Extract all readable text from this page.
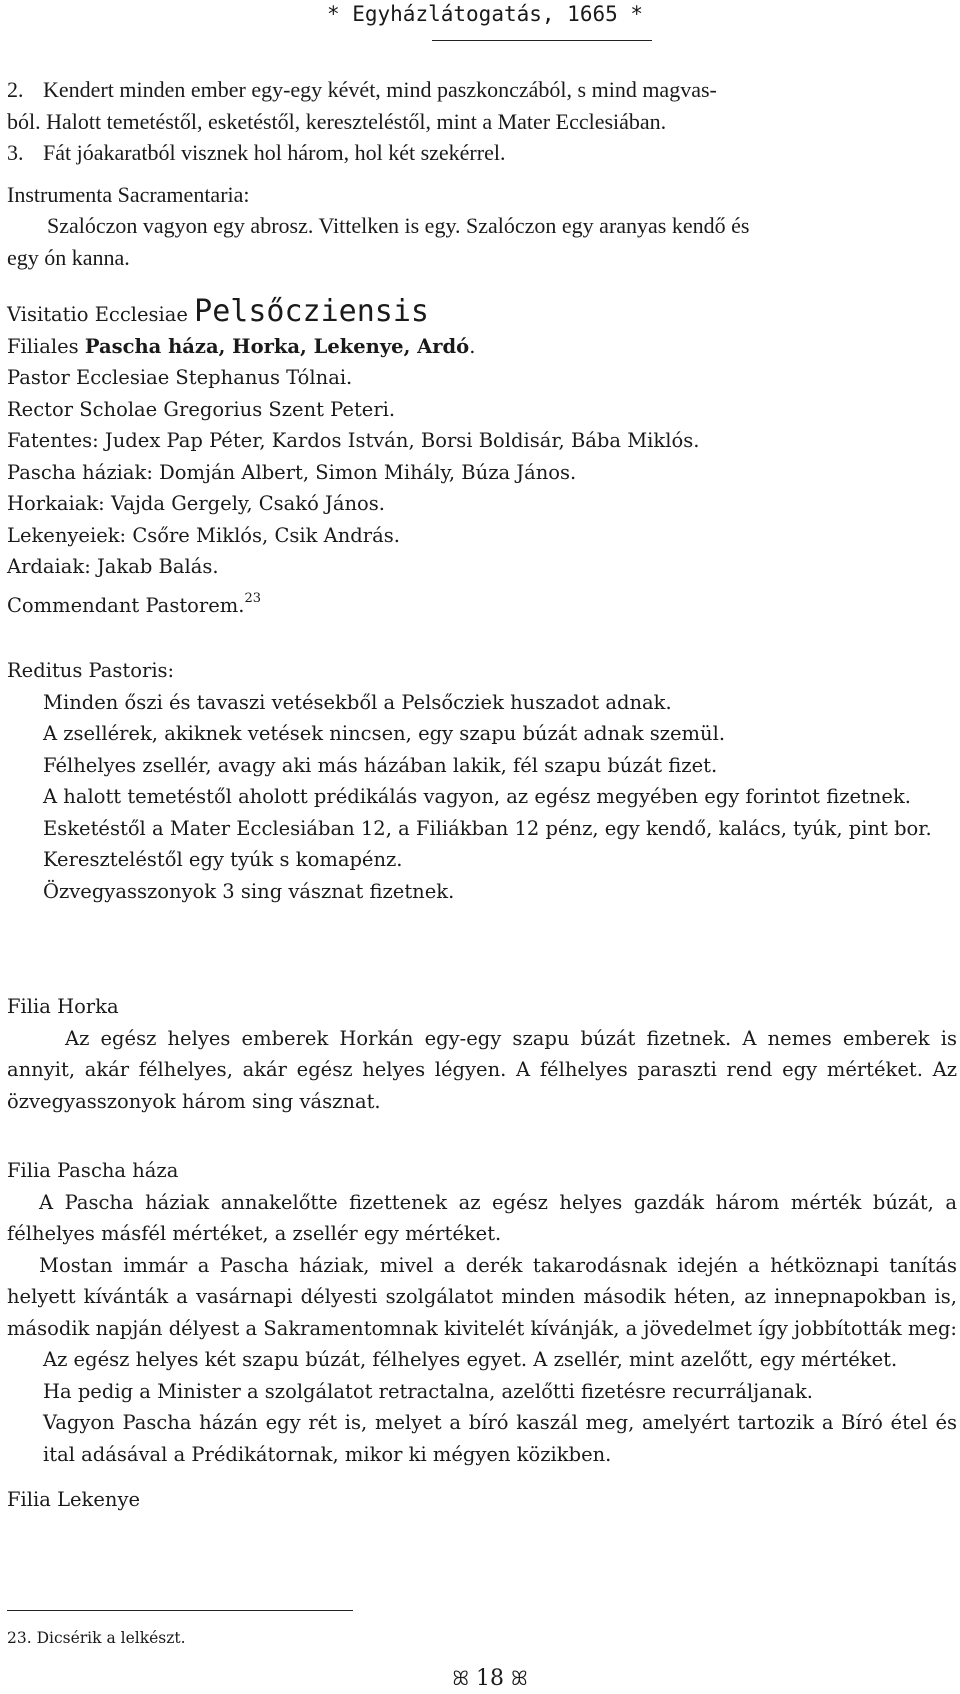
* Egyházlátogatás, 1665 *
2. Kendert minden ember egy-egy kévét, mind paszkonczából, s mind magvas-
ból. Halott temetéstől, esketéstől, kereszteléstől, mint a Mater Ecclesiában.
3. Fát jóakaratból visznek hol három, hol két szekérrel.
Instrumenta Sacramentaria:
Szalóczon vagyon egy abrosz. Vittelken is egy. Szalóczon egy aranyas kendő és
egy ón kanna.
Visitatio Ecclesiae Pelsőcziensis
Filiales Pascha háza, Horka, Lekenye, Ardó.
Pastor Ecclesiae Stephanus Tólnai.
Rector Scholae Gregorius Szent Peteri.
Fatentes: Judex Pap Péter, Kardos István, Borsi Boldisár, Bába Miklós.
Pascha háziak: Domján Albert, Simon Mihály, Búza János.
Horkaiak: Vajda Gergely, Csakó János.
Lekenyeiek: Csőre Miklós, Csik András.
Ardaiak: Jakab Balás.
Commendant Pastorem.$^{23}$
Reditus Pastoris:
Minden őszi és tavaszi vetésekből a Pelsőcziek huszadot adnak.
A zsellérek, akiknek vetések nincsen, egy szapu búzát adnak szemül.
Félhelyes zsellér, avagy aki más házában lakik, fél szapu búzát fizet.
A halott temetéstől aholott prédikálás vagyon, az egész megyében egy forintot fizetnek.
Esketéstől a Mater Ecclesiában 12, a Filiákban 12 pénz, egy kendő, kalács, tyúk, pint bor.
Kereszteléstől egy tyúk s komapénz.
Özvegyasszonyok 3 sing vásznat fizetnek.
Filia Horka

Az egész helyes emberek Horkán egy-egy szapu búzát fizetnek. A nemes emberek is annyit, akár félhelyes, akár egész helyes légyen. A félhelyes paraszti rend egy mértéket. Az özvegyasszonyok három sing vásznat.

Filia Pascha háza

A Pascha háziak annakelőtte fizettenek az egész helyes gazdák három mérték búzát, a félhelyes másfél mértéket, a zsellér egy mértéket.

Mostan immár a Pascha háziak, mivel a derék takarodásnak idején a hétköznapi tanítás helyett kívánták a vasárnapi délyesti szolgálatot minden második héten, az innepnapokban is, második napján délyest a Sakramentomnak kivitelét kívánják, a jövedelmet így jobbították meg:

Az egész helyes két szapu búzát, félhelyes egyet. A zsellér, mint azelőtt, egy mértéket.
Ha pedig a Minister a szolgálatot retractalna, azelőtti fizetésre recurráljanak.
Vagyon Pascha házán egy rét is, melyet a bíró kaszál meg, amelyért tartozik a Bíró étel és ital adásával a Prédikátornak, mikor ki mégyen közikben.
Filia Lekenye
23. Dicsérik a lelkészt.
ꕤ 18 ꕤ
